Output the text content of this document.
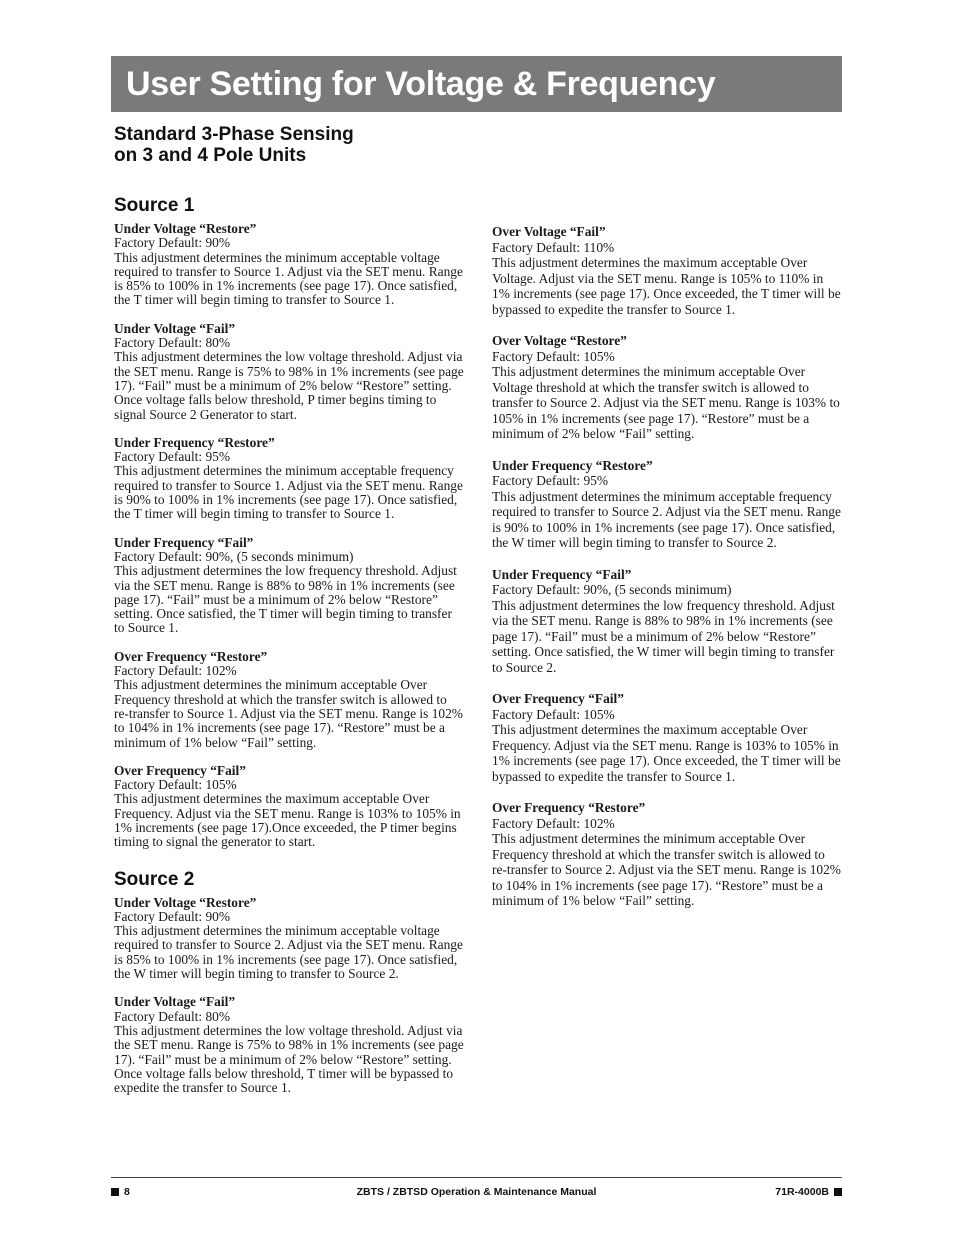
User Setting for Voltage & Frequency
Standard 3-Phase Sensing
on 3 and 4 Pole Units
Source 1
Under Voltage “Restore”
Factory Default: 90%
This adjustment determines the minimum acceptable voltage required to transfer to Source 1. Adjust via the SET menu. Range is 85% to 100% in 1% increments (see page 17). Once satisfied, the T timer will begin timing to transfer to Source 1.
Under Voltage “Fail”
Factory Default: 80%
This adjustment determines the low voltage threshold. Adjust via the SET menu. Range is 75% to 98% in 1% increments (see page 17). “Fail” must be a minimum of 2% below “Restore” setting. Once voltage falls below threshold, P timer begins timing to signal Source 2 Generator to start.
Under Frequency “Restore”
Factory Default: 95%
This adjustment determines the minimum acceptable frequency required to transfer to Source 1. Adjust via the SET menu. Range is 90% to 100% in 1% increments (see page 17). Once satisfied, the T timer will begin timing to transfer to Source 1.
Under Frequency “Fail”
Factory Default: 90%, (5 seconds minimum)
This adjustment determines the low frequency threshold. Adjust via the SET menu. Range is 88% to 98% in 1% increments (see page 17). “Fail” must be a minimum of 2% below “Restore” setting. Once satisfied, the T timer will begin timing to transfer to Source 1.
Over Frequency “Restore”
Factory Default: 102%
This adjustment determines the minimum acceptable Over Frequency threshold at which the transfer switch is allowed to re-transfer to Source 1. Adjust via the SET menu. Range is 102% to 104% in 1% increments (see page 17). “Restore” must be a minimum of 1% below “Fail” setting.
Over Frequency “Fail”
Factory Default: 105%
This adjustment determines the maximum acceptable Over Frequency. Adjust via the SET menu. Range is 103% to 105% in 1% increments (see page 17).Once exceeded, the P timer begins timing to signal the generator to start.
Source 2
Under Voltage “Restore”
Factory Default: 90%
This adjustment determines the minimum acceptable voltage required to transfer to Source 2. Adjust via the SET menu. Range is 85% to 100% in 1% increments (see page 17). Once satisfied, the W timer will begin timing to transfer to Source 2.
Under Voltage “Fail”
Factory Default: 80%
This adjustment determines the low voltage threshold. Adjust via the SET menu. Range is 75% to 98% in 1% increments (see page 17). “Fail” must be a minimum of 2% below “Restore” setting. Once voltage falls below threshold, T timer will be bypassed to expedite the transfer to Source 1.
Over Voltage “Fail”
Factory Default: 110%
This adjustment determines the maximum acceptable Over Voltage. Adjust via the SET menu. Range is 105% to 110% in 1% increments (see page 17). Once exceeded, the T timer will be bypassed to expedite the transfer to Source 1.
Over Voltage “Restore”
Factory Default: 105%
This adjustment determines the minimum acceptable Over Voltage threshold at which the transfer switch is allowed to transfer to Source 2. Adjust via the SET menu. Range is 103% to 105% in 1% increments (see page 17). “Restore” must be a minimum of 2% below “Fail” setting.
Under Frequency “Restore”
Factory Default: 95%
This adjustment determines the minimum acceptable frequency required to transfer to Source 2. Adjust via the SET menu. Range is 90% to 100% in 1% increments (see page 17). Once satisfied, the W timer will begin timing to transfer to Source 2.
Under Frequency “Fail”
Factory Default: 90%, (5 seconds minimum)
This adjustment determines the low frequency threshold. Adjust via the SET menu. Range is 88% to 98% in 1% increments (see page 17). “Fail” must be a minimum of 2% below “Restore” setting. Once satisfied, the W timer will begin timing to transfer to Source 2.
Over Frequency “Fail”
Factory Default: 105%
This adjustment determines the maximum acceptable Over Frequency. Adjust via the SET menu. Range is 103% to 105% in 1% increments (see page 17). Once exceeded, the T timer will be bypassed to expedite the transfer to Source 1.
Over Frequency “Restore”
Factory Default: 102%
This adjustment determines the minimum acceptable Over Frequency threshold at which the transfer switch is allowed to re-transfer to Source 2. Adjust via the SET menu. Range is 102% to 104% in 1% increments (see page 17). “Restore” must be a minimum of 1% below “Fail” setting.
8	ZBTS / ZBTSD Operation & Maintenance Manual	71R-4000B
